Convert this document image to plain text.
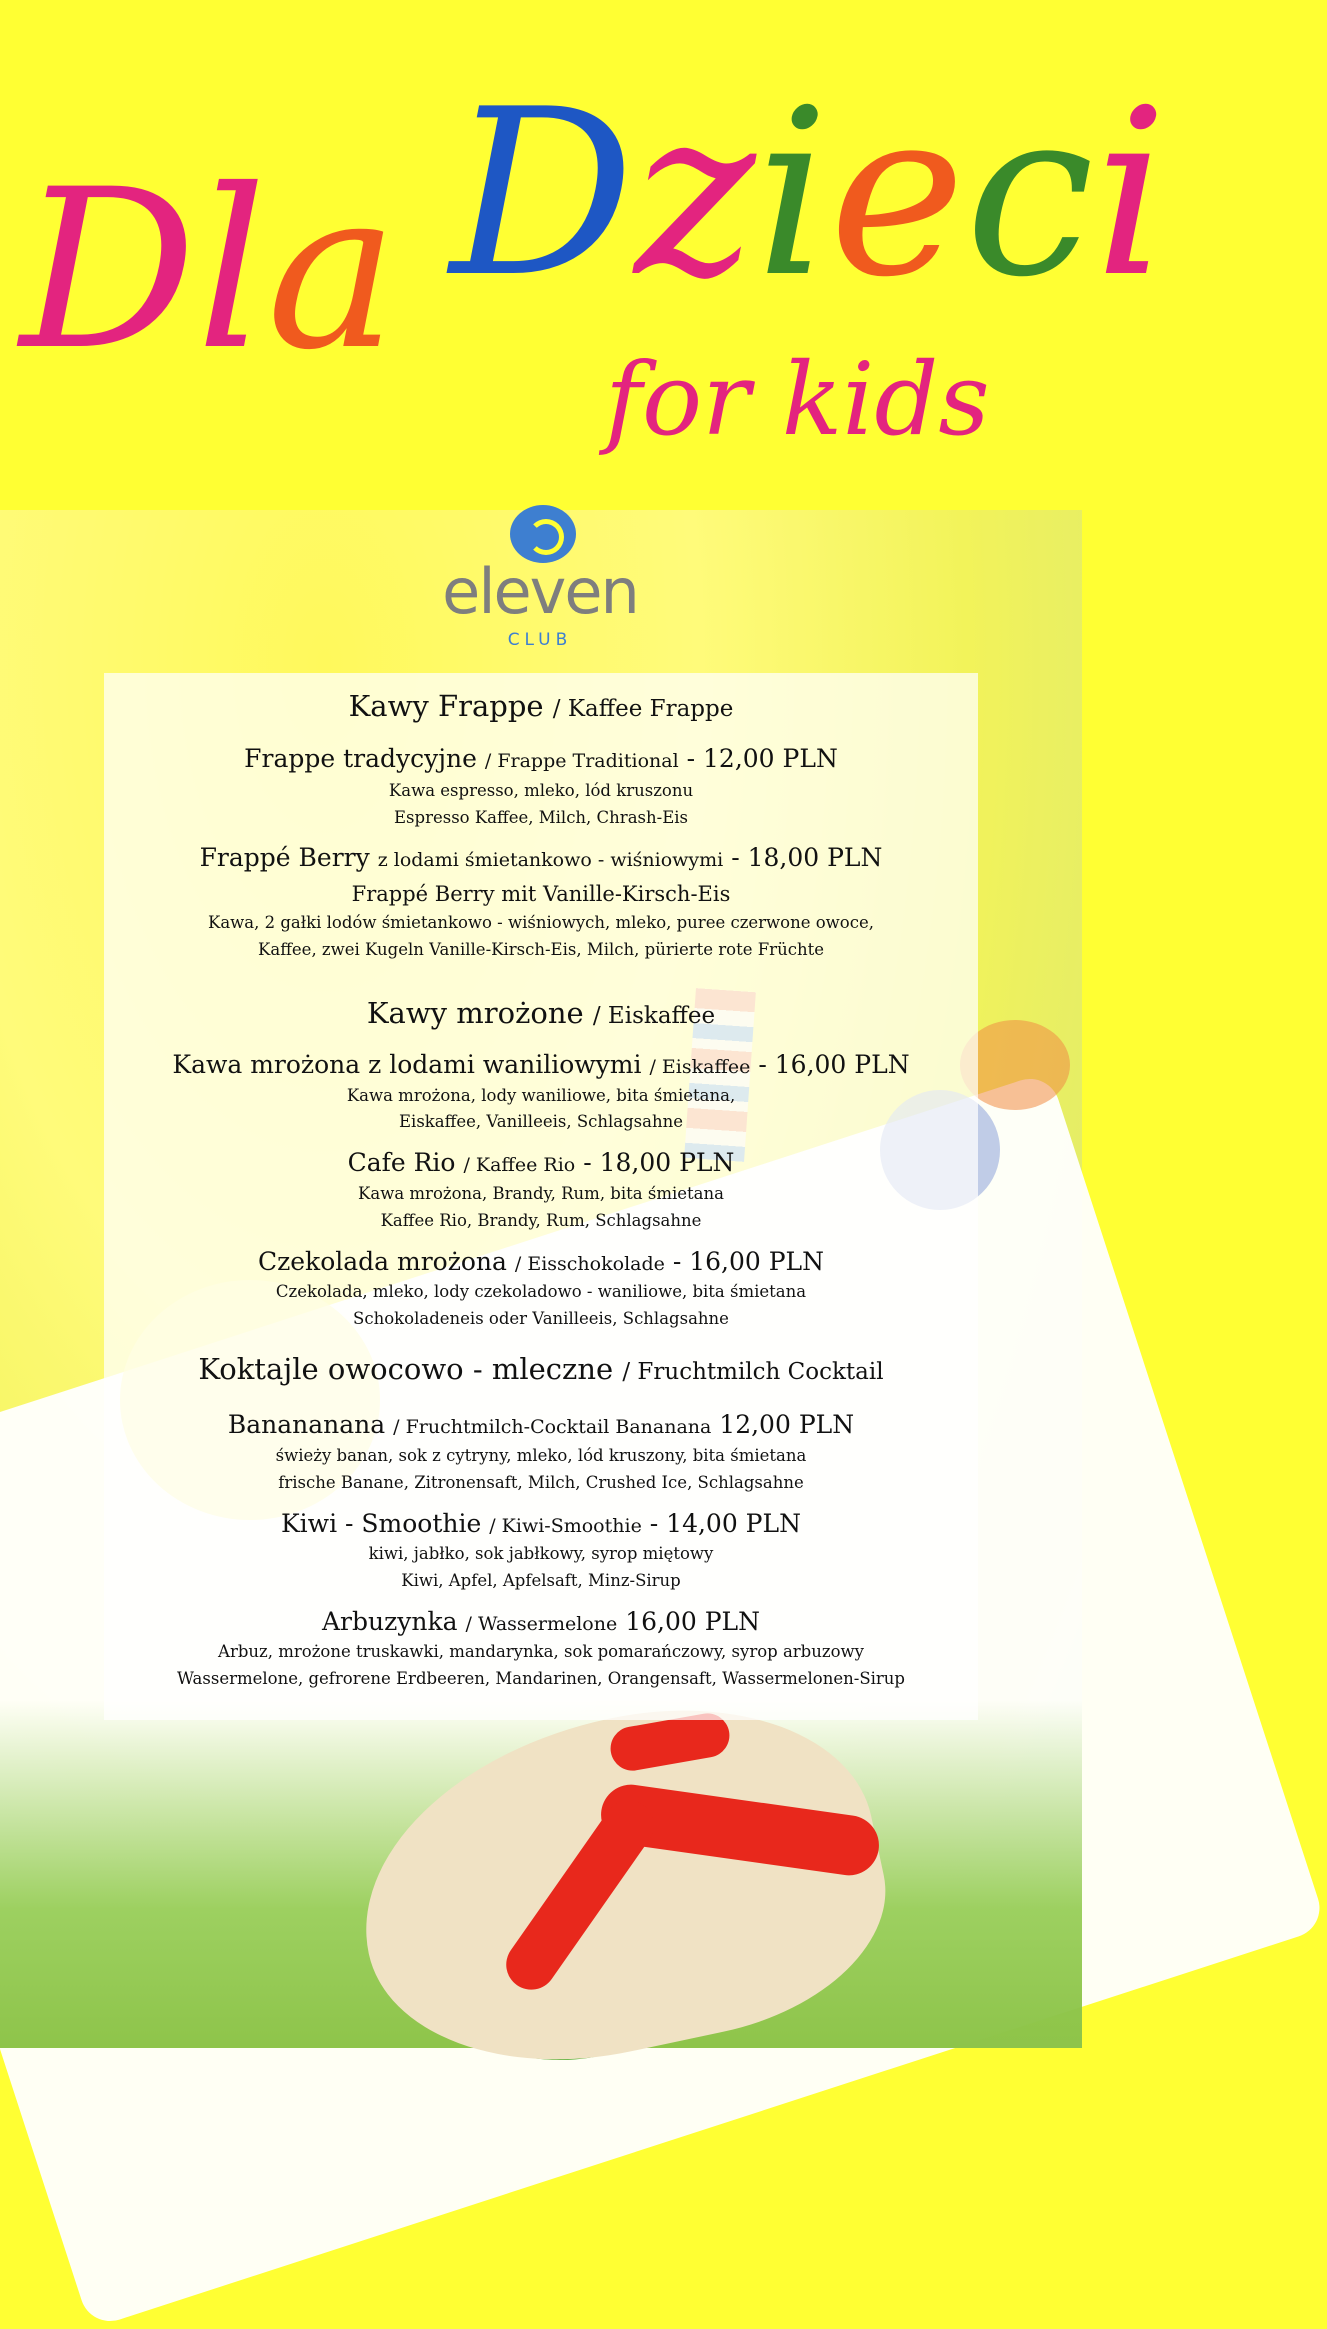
Dla Dzieci
for kids
eleven
CLUB
Kawy Frappe / Kaffee Frappe
Frappe tradycyjne / Frappe Traditional - 12,00 PLN
Kawa espresso, mleko, lód kruszonu
Espresso Kaffee, Milch, Chrash-Eis
Frappé Berry z lodami śmietankowo - wiśniowymi - 18,00 PLN
Frappé Berry mit Vanille-Kirsch-Eis
Kawa, 2 gałki lodów śmietankowo - wiśniowych, mleko, puree czerwone owoce,
Kaffee, zwei Kugeln Vanille-Kirsch-Eis, Milch, pürierte rote Früchte
Kawy mrożone / Eiskaffee
Kawa mrożona z lodami waniliowymi / Eiskaffee - 16,00 PLN
Kawa mrożona, lody waniliowe, bita śmietana,
Eiskaffee, Vanilleeis, Schlagsahne
Cafe Rio / Kaffee Rio - 18,00 PLN
Kawa mrożona, Brandy, Rum, bita śmietana
Kaffee Rio, Brandy, Rum, Schlagsahne
Czekolada mrożona / Eisschokolade - 16,00 PLN
Czekolada, mleko, lody czekoladowo - waniliowe, bita śmietana
Schokoladeneis oder Vanilleeis, Schlagsahne
Koktajle owocowo - mleczne / Fruchtmilch Cocktail
Banananana / Fruchtmilch-Cocktail Bananana 12,00 PLN
świeży banan, sok z cytryny, mleko, lód kruszony, bita śmietana
frische Banane, Zitronensaft, Milch, Crushed Ice, Schlagsahne
Kiwi - Smoothie / Kiwi-Smoothie - 14,00 PLN
kiwi, jabłko, sok jabłkowy, syrop miętowy
Kiwi, Apfel, Apfelsaft, Minz-Sirup
Arbuzynka / Wassermelone 16,00 PLN
Arbuz, mrożone truskawki, mandarynka, sok pomarańczowy, syrop arbuzowy
Wassermelone, gefrorene Erdbeeren, Mandarinen, Orangensaft, Wassermelonen-Sirup
